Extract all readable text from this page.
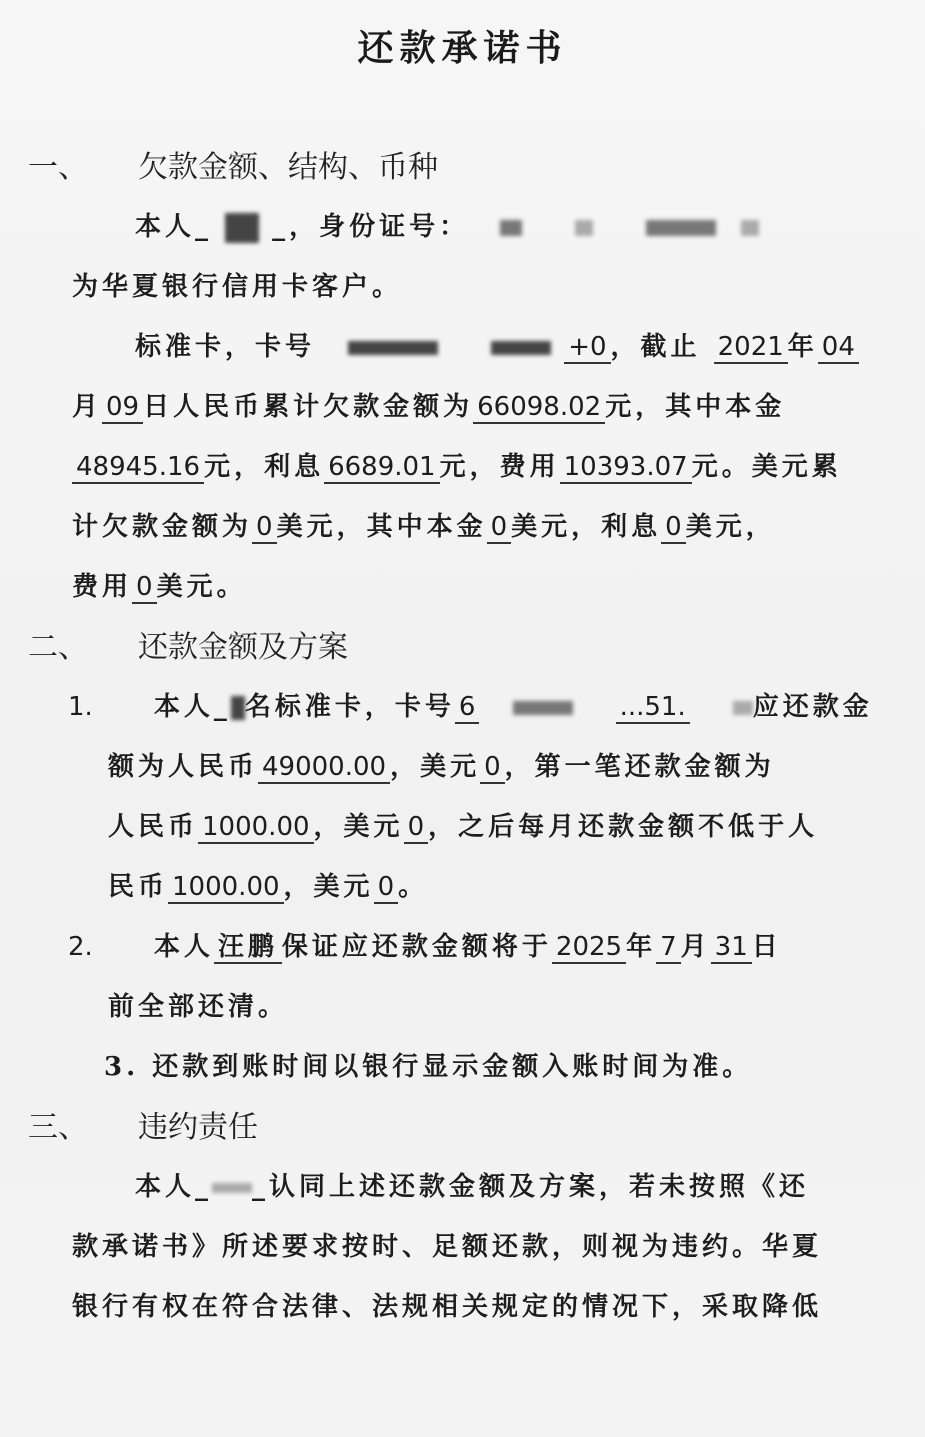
还款承诺书
一、 欠款金额、结构、币种
本人_ _，身份证号：
为华夏银行信用卡客户。
标准卡，卡号	+0 ，截止 2021 年 04
月 09 日人民币累计欠款金额为 66098.02 元，其中本金
48945.16 元，利息 6689.01 元，费用 10393.07 元。美元累
计欠款金额为 0 美元，其中本金 0 美元，利息 0 美元，
费用 0 美元。
二、 还款金额及方案
1. 本人_ 名标准卡，卡号 6	...51.	应还款金
额为人民币 49000.00 ，美元 0 ，第一笔还款金额为
人民币 1000.00 ，美元 0 ，之后每月还款金额不低于人
民币 1000.00 ，美元 0 。
2. 本人 汪鹏 保证应还款金额将于 2025 年 7 月 31 日
前全部还清。
3. 还款到账时间以银行显示金额入账时间为准。
三、 违约责任
本人_ _认同上述还款金额及方案，若未按照《还
款承诺书》所述要求按时、足额还款，则视为违约。华夏
银行有权在符合法律、法规相关规定的情况下，采取降低
